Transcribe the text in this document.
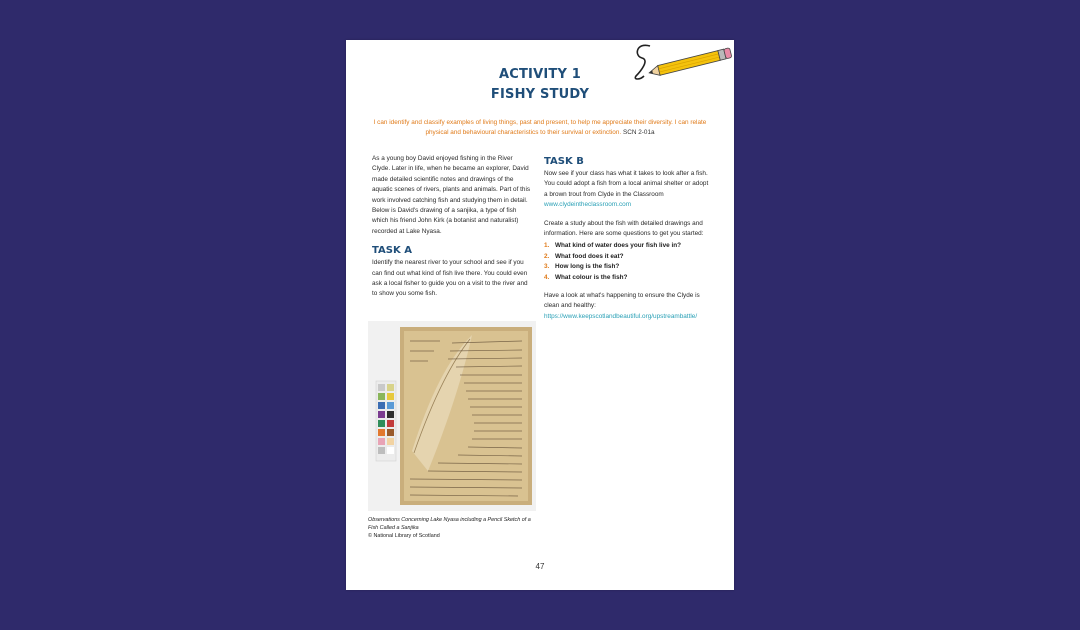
ACTIVITY 1
FISHY STUDY
I can identify and classify examples of living things, past and present, to help me appreciate their diversity. I can relate physical and behavioural characteristics to their survival or extinction. SCN 2-01a

As a young boy David enjoyed fishing in the River Clyde. Later in life, when he became an explorer, David made detailed scientific notes and drawings of the aquatic scenes of rivers, plants and animals. Part of this work involved catching fish and studying them in detail. Below is David's drawing of a sanjika, a type of fish which his friend John Kirk (a botanist and naturalist) recorded at Lake Nyasa.

TASK A

Identify the nearest river to your school and see if you can find out what kind of fish live there. You could even ask a local fisher to guide you on a visit to the river and to show you some fish.

Observations Concerning Lake Nyasa including a Pencil Sketch of a Fish Called a Sanjika
© National Library of Scotland
TASK B

Now see if your class has what it takes to look after a fish. You could adopt a fish from a local animal shelter or adopt a brown trout from Clyde in the Classroom www.clydeintheclassroom.com

Create a study about the fish with detailed drawings and information. Here are some questions to get you started:

1. What kind of water does your fish live in?
2. What food does it eat?
3. How long is the fish?
4. What colour is the fish?

Have a look at what's happening to ensure the Clyde is clean and healthy: https://www.keepscotlandbeautiful.org/upstreambattle/

47
